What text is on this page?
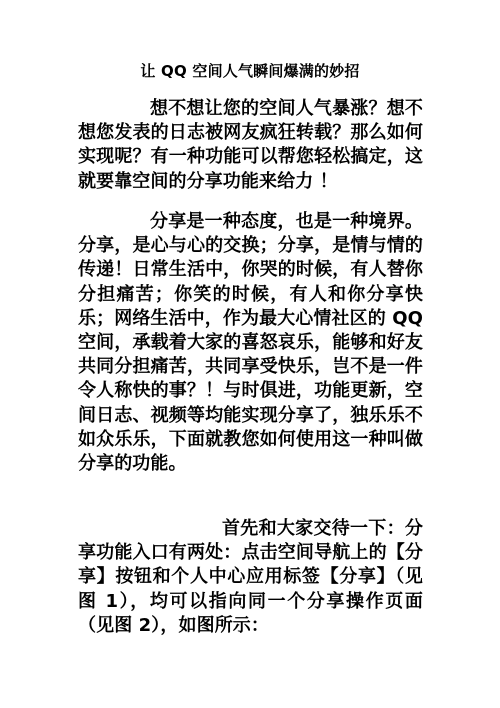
让 QQ 空间人气瞬间爆满的妙招

想不想让您的空间人气暴涨？想不想您发表的日志被网友疯狂转载？那么如何实现呢？有一种功能可以帮您轻松搞定，这就要靠空间的分享功能来给力 ！

分享是一种态度，也是一种境界。分享，是心与心的交换；分享，是情与情的传递！日常生活中，你哭的时候，有人替你分担痛苦；你笑的时候，有人和你分享快乐；网络生活中，作为最大心情社区的 QQ 空间，承载着大家的喜怒哀乐，能够和好友共同分担痛苦，共同享受快乐，岂不是一件令人称快的事？！与时俱进，功能更新，空间日志、视频等均能实现分享了，独乐乐不如众乐乐，下面就教您如何使用这一种叫做分享的功能。

首先和大家交待一下：分享功能入口有两处：点击空间导航上的【分享】按钮和个人中心应用标签【分享】（见图 1），均可以指向同一个分享操作页面（见图 2），如图所示：
